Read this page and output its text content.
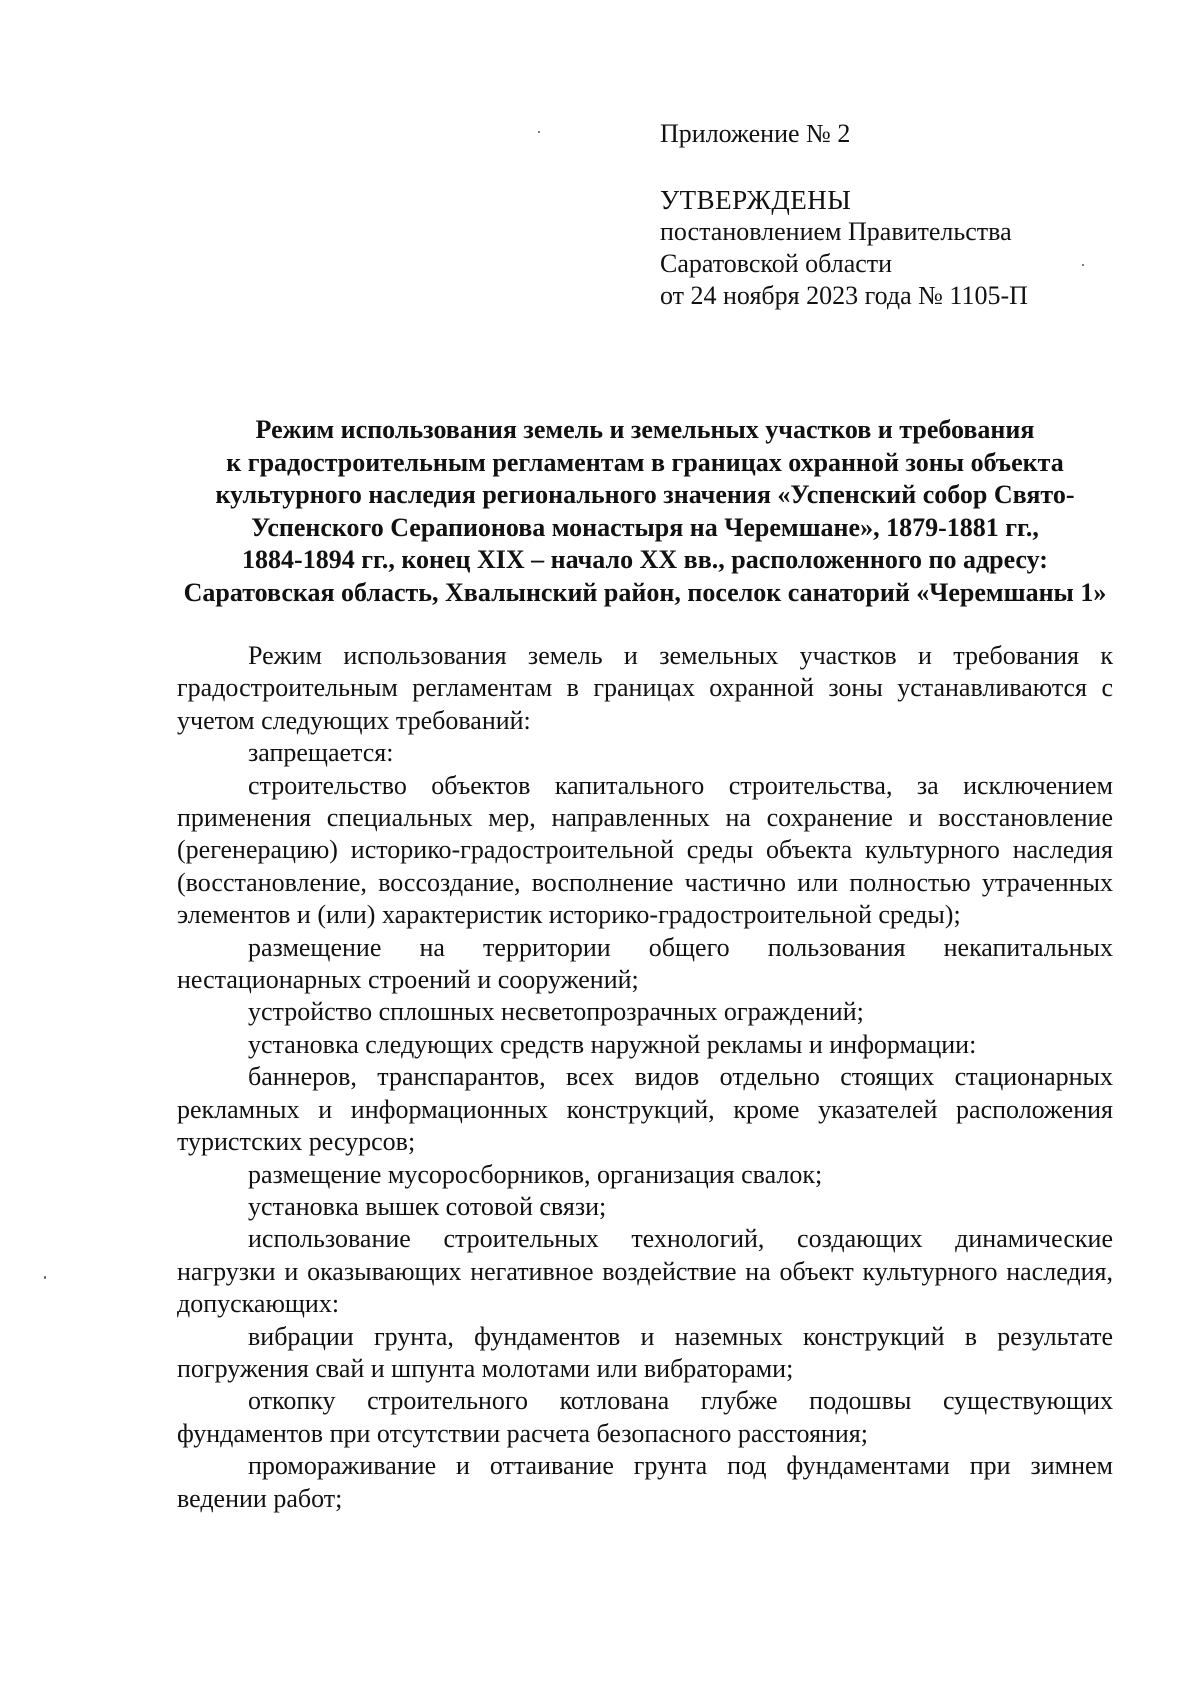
Приложение № 2
УТВЕРЖДЕНЫ
постановлением Правительства
Саратовской области
от 24 ноября 2023 года № 1105-П
Режим использования земель и земельных участков и требования
к градостроительным регламентам в границах охранной зоны объекта
культурного наследия регионального значения «Успенский собор Свято-
Успенского Серапионова монастыря на Черемшане», 1879-1881 гг.,
1884-1894 гг., конец XIX – начало XX вв., расположенного по адресу:
Саратовская область, Хвалынский район, поселок санаторий «Черемшаны 1»

Режим использования земель и земельных участков и требования к градостроительным регламентам в границах охранной зоны устанавливаются с учетом следующих требований:

запрещается:

строительство объектов капитального строительства, за исключением применения специальных мер, направленных на сохранение и восстановление (регенерацию) историко-градостроительной среды объекта культурного наследия (восстановление, воссоздание, восполнение частично или полностью утраченных элементов и (или) характеристик историко-градостроительной среды);

размещение на территории общего пользования некапитальных нестационарных строений и сооружений;

устройство сплошных несветопрозрачных ограждений;

установка следующих средств наружной рекламы и информации:

баннеров, транспарантов, всех видов отдельно стоящих стационарных рекламных и информационных конструкций, кроме указателей расположения туристских ресурсов;

размещение мусоросборников, организация свалок;

установка вышек сотовой связи;

использование строительных технологий, создающих динамические нагрузки и оказывающих негативное воздействие на объект культурного наследия, допускающих:

вибрации грунта, фундаментов и наземных конструкций в результате погружения свай и шпунта молотами или вибраторами;

откопку строительного котлована глубже подошвы существующих фундаментов при отсутствии расчета безопасного расстояния;

промораживание и оттаивание грунта под фундаментами при зимнем ведении работ;
